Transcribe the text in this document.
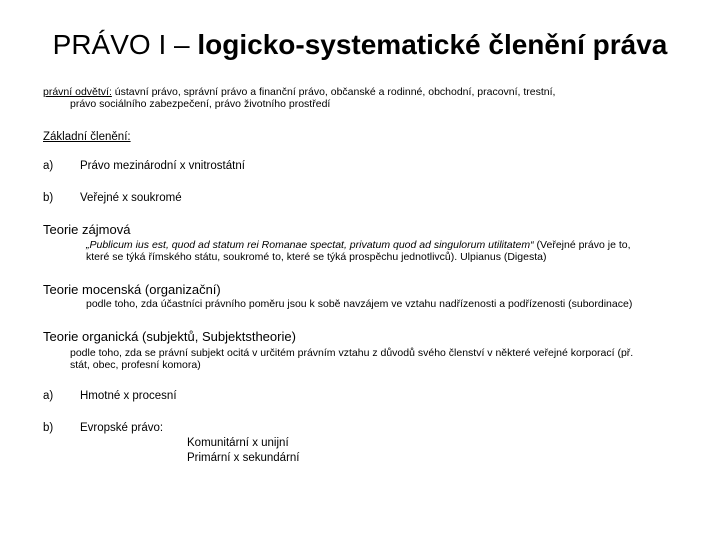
PRÁVO I – logicko-systematické členění práva
právní odvětví: ústavní právo, správní právo a finanční právo, občanské a rodinné, obchodní, pracovní, trestní,
právo sociálního zabezpečení, právo životního prostředí
Základní členění:
a) Právo mezinárodní x vnitrostátní
b) Veřejné x soukromé
Teorie zájmová
„Publicum ius est, quod ad statum rei Romanae spectat, privatum quod ad singulorum utilitatem“ (Veřejné právo je to,
které se týká římského státu, soukromé to, které se týká prospěchu jednotlivců). Ulpianus (Digesta)
Teorie mocenská (organizační)
podle toho, zda účastníci právního poměru jsou k sobě navzájem ve vztahu nadřízenosti a podřízenosti (subordinace)
Teorie organická (subjektů, Subjektstheorie)
podle toho, zda se právní subjekt ocitá v určitém právním vztahu z důvodů svého členství v některé veřejné korporací (př.
stát, obec, profesní komora)
a) Hmotné x procesní
b) Evropské právo:
Komunitární x unijní
Primární x sekundární
